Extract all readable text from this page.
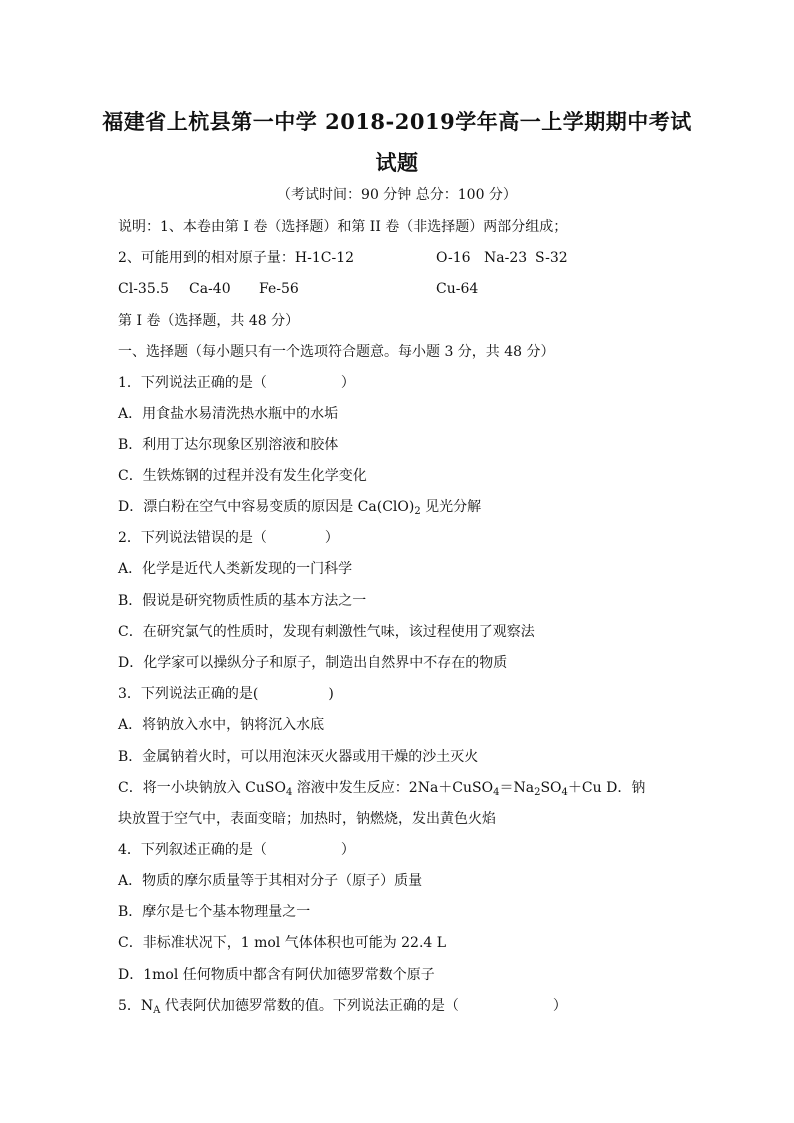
福建省上杭县第一中学 2018-2019学年高一上学期期中考试
试题
（考试时间：90 分钟 总分：100 分）
说明：1、本卷由第 I 卷（选择题）和第 II 卷（非选择题）两部分组成；
2、可能用到的相对原子量：H-1C-12	O-16 Na-23 S-32
Cl-35.5 Ca-40 Fe-56	Cu-64
第 I 卷（选择题，共 48 分）
一、选择题（每小题只有一个选项符合题意。每小题 3 分，共 48 分）
1．下列说法正确的是（	）
A．用食盐水易清洗热水瓶中的水垢
B．利用丁达尔现象区别溶液和胶体
C．生铁炼钢的过程并没有发生化学变化
D．漂白粉在空气中容易变质的原因是 $Ca(ClO)_2$ 见光分解
2．下列说法错误的是（	）
A．化学是近代人类新发现的一门科学
B．假说是研究物质性质的基本方法之一
C．在研究氯气的性质时，发现有刺激性气味，该过程使用了观察法
D．化学家可以操纵分子和原子，制造出自然界中不存在的物质
3．下列说法正确的是(	)
A．将钠放入水中，钠将沉入水底
B．金属钠着火时，可以用泡沫灭火器或用干燥的沙土灭火
C．将一小块钠放入 CuSO$_4$ 溶液中发生反应：$2Na+CuSO_4=Na_2SO_4+Cu$ D．钠
块放置于空气中，表面变暗；加热时，钠燃烧，发出黄色火焰
4．下列叙述正确的是（	）
A．物质的摩尔质量等于其相对分子（原子）质量
B．摩尔是七个基本物理量之一
C．非标准状况下，1 mol 气体体积也可能为 22.4 L
D．1mol 任何物质中都含有阿伏加德罗常数个原子
5．$N_A$ 代表阿伏加德罗常数的值。下列说法正确的是（	）
